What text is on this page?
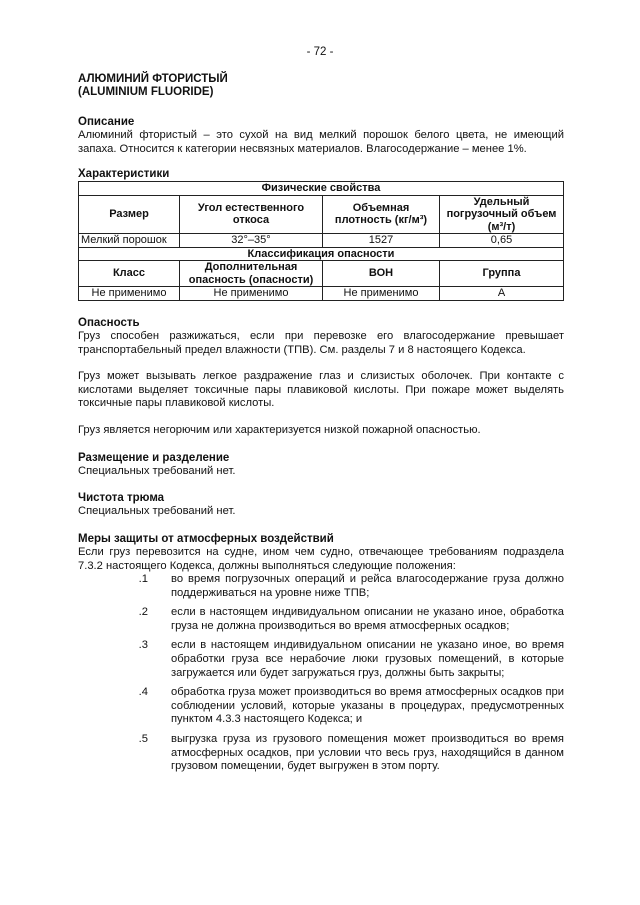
- 72 -
АЛЮМИНИЙ ФТОРИСТЫЙ
(ALUMINIUM FLUORIDE)

Описание

Алюминий фтористый – это сухой на вид мелкий порошок белого цвета, не имеющий запаха. Относится к категории несвязных материалов. Влагосодержание – менее 1%.

Характеристики

Физические свойства			
Размер	Угол естественного откоса	Объемная плотность (кг/м³)	Удельный погрузочный объем (м³/т)
Мелкий порошок	32°–35°	1527	0,65
Классификация опасности			
Класс	Дополнительная опасность (опасности)	ВОН	Группа
Не применимо	Не применимо	Не применимо	A

Опасность

Груз способен разжижаться, если при перевозке его влагосодержание превышает транспортабельный предел влажности (ТПВ). См. разделы 7 и 8 настоящего Кодекса.

Груз может вызывать легкое раздражение глаз и слизистых оболочек. При контакте с кислотами выделяет токсичные пары плавиковой кислоты. При пожаре может выделять токсичные пары плавиковой кислоты.

Груз является негорючим или характеризуется низкой пожарной опасностью.

Размещение и разделение

Специальных требований нет.

Чистота трюма

Специальных требований нет.

Меры защиты от атмосферных воздействий

Если груз перевозится на судне, ином чем судно, отвечающее требованиям подраздела 7.3.2 настоящего Кодекса, должны выполняться следующие положения:

.1 во время погрузочных операций и рейса влагосодержание груза должно поддерживаться на уровне ниже ТПВ;
.2 если в настоящем индивидуальном описании не указано иное, обработка груза не должна производиться во время атмосферных осадков;
.3 если в настоящем индивидуальном описании не указано иное, во время обработки груза все нерабочие люки грузовых помещений, в которые загружается или будет загружаться груз, должны быть закрыты;
.4 обработка груза может производиться во время атмосферных осадков при соблюдении условий, которые указаны в процедурах, предусмотренных пунктом 4.3.3 настоящего Кодекса; и
.5 выгрузка груза из грузового помещения может производиться во время атмосферных осадков, при условии что весь груз, находящийся в данном грузовом помещении, будет выгружен в этом порту.
